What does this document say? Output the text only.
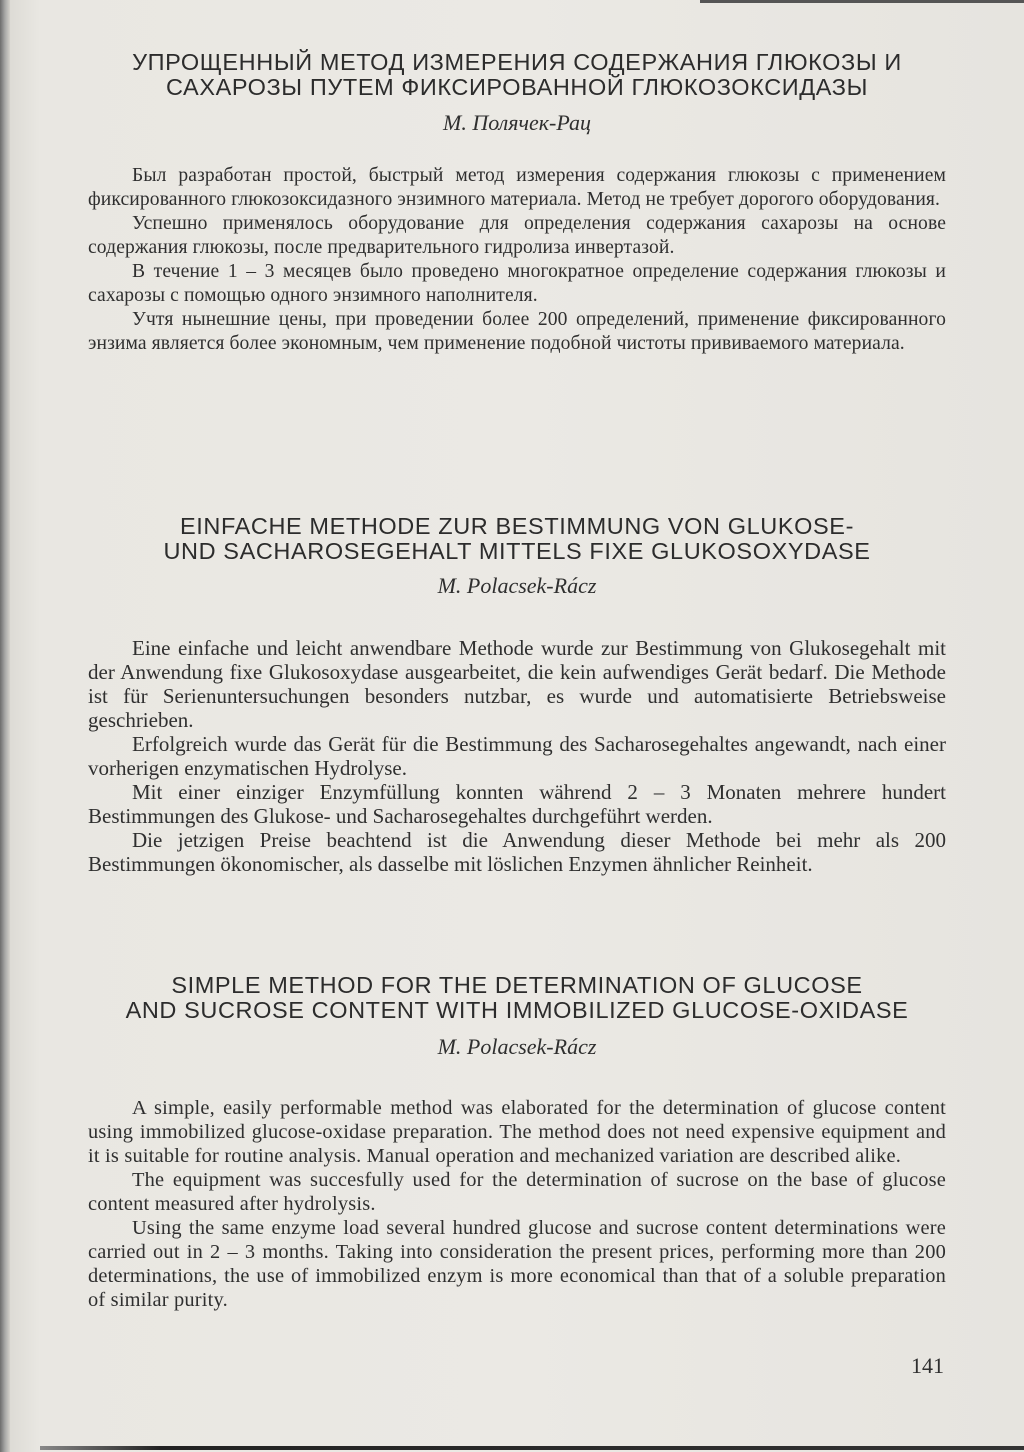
УПРОЩЕННЫЙ МЕТОД ИЗМЕРЕНИЯ СОДЕРЖАНИЯ ГЛЮКОЗЫ И
САХАРОЗЫ ПУТЕМ ФИКСИРОВАННОЙ ГЛЮКОЗОКСИДАЗЫ

М. Полячек-Рац

Был разработан простой, быстрый метод измерения содержания глюкозы с применением фиксированного глюкозоксидазного энзимного материала. Метод не требует дорогого оборудования.

Успешно применялось оборудование для определения содержания сахарозы на основе содержания глюкозы, после предварительного гидролиза инвертазой.

В течение 1 – 3 месяцев было проведено многократное определение содержания глюкозы и сахарозы с помощью одного энзимного наполнителя.

Учтя нынешние цены, при проведении более 200 определений, применение фиксированного энзима является более экономным, чем применение подобной чистоты прививаемого материала.

EINFACHE METHODE ZUR BESTIMMUNG VON GLUKOSE-
UND SACHAROSEGEHALT MITTELS FIXE GLUKOSOXYDASE

M. Polacsek-Rácz

Eine einfache und leicht anwendbare Methode wurde zur Bestimmung von Glukosegehalt mit der Anwendung fixe Glukosoxydase ausgearbeitet, die kein aufwendiges Gerät bedarf. Die Methode ist für Serienuntersuchungen besonders nutzbar, es wurde und automatisierte Betriebsweise geschrieben.

Erfolgreich wurde das Gerät für die Bestimmung des Sacharosegehaltes angewandt, nach einer vorherigen enzymatischen Hydrolyse.

Mit einer einziger Enzymfüllung konnten während 2 – 3 Monaten mehrere hundert Bestimmungen des Glukose- und Sacharosegehaltes durchgeführt werden.

Die jetzigen Preise beachtend ist die Anwendung dieser Methode bei mehr als 200 Bestimmungen ökonomischer, als dasselbe mit löslichen Enzymen ähnlicher Reinheit.

SIMPLE METHOD FOR THE DETERMINATION OF GLUCOSE
AND SUCROSE CONTENT WITH IMMOBILIZED GLUCOSE-OXIDASE

M. Polacsek-Rácz

A simple, easily performable method was elaborated for the determination of glucose content using immobilized glucose-oxidase preparation. The method does not need expensive equipment and it is suitable for routine analysis. Manual operation and mechanized variation are described alike.

The equipment was succesfully used for the determination of sucrose on the base of glucose content measured after hydrolysis.

Using the same enzyme load several hundred glucose and sucrose content determinations were carried out in 2 – 3 months. Taking into consideration the present prices, performing more than 200 determinations, the use of immobilized enzym is more economical than that of a soluble preparation of similar purity.

141
